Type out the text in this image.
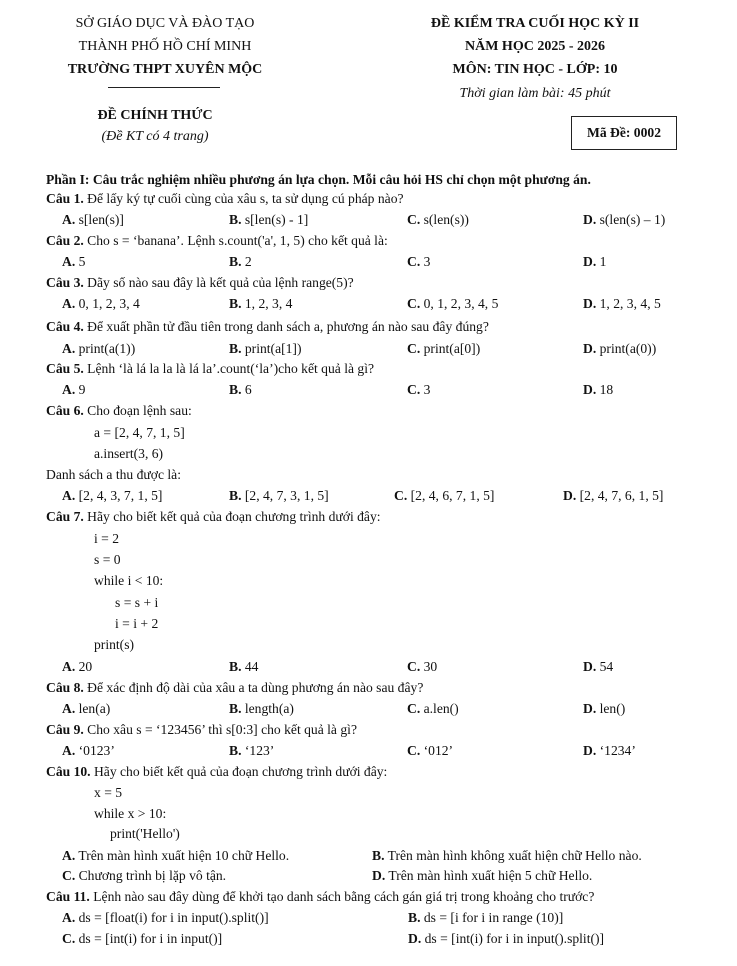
SỞ GIÁO DỤC VÀ ĐÀO TẠO
THÀNH PHỐ HỒ CHÍ MINH
TRƯỜNG THPT XUYÊN MỘC
ĐỀ KIỂM TRA CUỐI HỌC KỲ II
NĂM HỌC 2025 - 2026
MÔN: TIN HỌC - LỚP: 10
Thời gian làm bài: 45 phút
ĐỀ CHÍNH THỨC
(Đề KT có 4 trang)	Mã Đề: 0002
Phần I: Câu trắc nghiệm nhiều phương án lựa chọn. Mỗi câu hỏi HS chỉ chọn một phương án.
Câu 1. Để lấy ký tự cuối cùng của xâu s, ta sử dụng cú pháp nào?
A. s[len(s)]	B. s[len(s) - 1]	C. s(len(s))	D. s(len(s) – 1)
Câu 2. Cho s = ‘banana’. Lệnh s.count('a', 1, 5) cho kết quả là:
A. 5	B. 2	C. 3	D. 1
Câu 3. Dãy số nào sau đây là kết quả của lệnh range(5)?
A. 0, 1, 2, 3, 4	B. 1, 2, 3, 4	C. 0, 1, 2, 3, 4, 5	D. 1, 2, 3, 4, 5
Câu 4. Để xuất phần tử đầu tiên trong danh sách a, phương án nào sau đây đúng?
A. print(a(1))	B. print(a[1])	C. print(a[0])	D. print(a(0))
Câu 5. Lệnh ‘là lá la la là lá la’.count(‘la’)cho kết quả là gì?
A. 9	B. 6	C. 3	D. 18
Câu 6. Cho đoạn lệnh sau:
a = [2, 4, 7, 1, 5]
a.insert(3, 6)
Danh sách a thu được là:
A. [2, 4, 3, 7, 1, 5]	B. [2, 4, 7, 3, 1, 5]	C. [2, 4, 6, 7, 1, 5]	D. [2, 4, 7, 6, 1, 5]
Câu 7. Hãy cho biết kết quả của đoạn chương trình dưới đây:
i = 2
s = 0
while i < 10:
s = s + i
i = i + 2
print(s)
A. 20	B. 44	C. 30	D. 54
Câu 8. Để xác định độ dài của xâu a ta dùng phương án nào sau đây?
A. len(a)	B. length(a)	C. a.len()	D. len()
Câu 9. Cho xâu s = ‘123456’ thì s[0:3] cho kết quả là gì?
A. ‘0123’	B. ‘123’	C. ‘012’	D. ‘1234’
Câu 10. Hãy cho biết kết quả của đoạn chương trình dưới đây:
x = 5
while x > 10:
print('Hello')
A. Trên màn hình xuất hiện 10 chữ Hello.	B. Trên màn hình không xuất hiện chữ Hello nào.
C. Chương trình bị lặp vô tận.	D. Trên màn hình xuất hiện 5 chữ Hello.
Câu 11. Lệnh nào sau đây dùng để khởi tạo danh sách bằng cách gán giá trị trong khoảng cho trước?
A. ds = [float(i) for i in input().split()]	B. ds = [i for i in range (10)]
C. ds = [int(i) for i in input()]	D. ds = [int(i) for i in input().split()]
